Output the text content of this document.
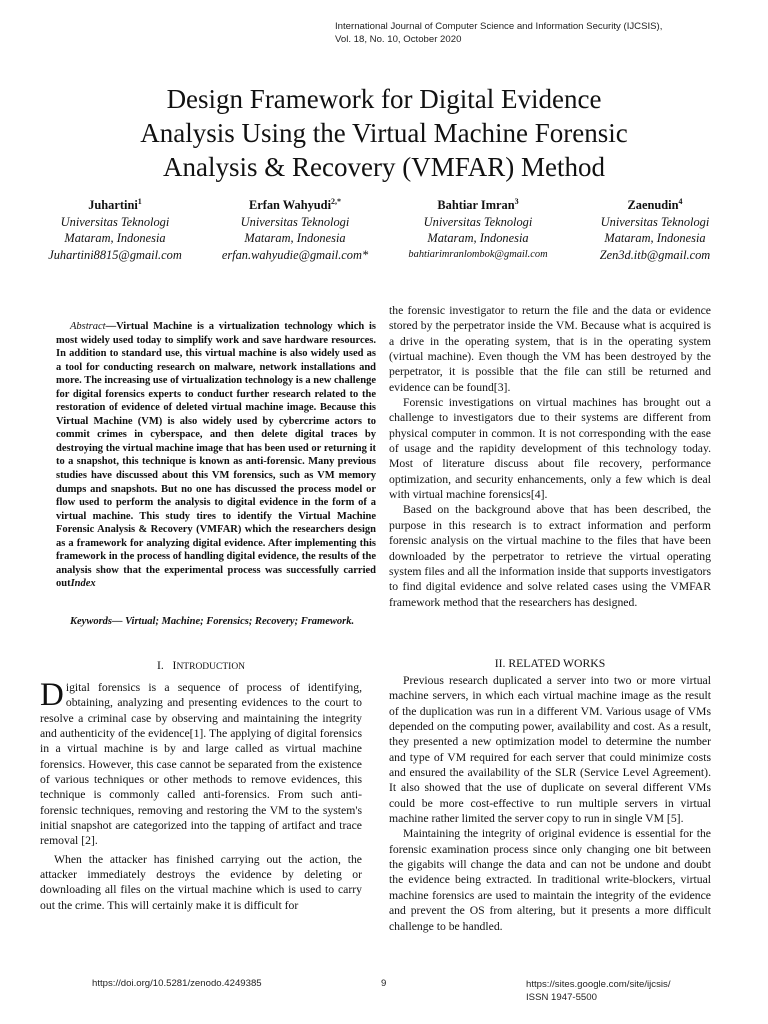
International Journal of Computer Science and Information Security (IJCSIS),
Vol. 18, No. 10, October 2020
Design Framework for Digital Evidence
Analysis Using the Virtual Machine Forensic
Analysis & Recovery (VMFAR) Method
Juhartini$^1$
Universitas Teknologi
Mataram, Indonesia
Juhartini8815@gmail.com
Erfan Wahyudi$^{2,*}$
Universitas Teknologi
Mataram, Indonesia
erfan.wahyudie@gmail.com*
Bahtiar Imran$^3$
Universitas Teknologi
Mataram, Indonesia
bahtiarimranlombok@gmail.com
Zaenudin$^4$
Universitas Teknologi
Mataram, Indonesia
Zen3d.itb@gmail.com
Abstract—Virtual Machine is a virtualization technology which is most widely used today to simplify work and save hardware resources. In addition to standard use, this virtual machine is also widely used as a tool for conducting research on malware, network installations and more. The increasing use of virtualization technology is a new challenge for digital forensics experts to conduct further research related to the restoration of evidence of deleted virtual machine image. Because this Virtual Machine (VM) is also widely used by cybercrime actors to commit crimes in cyberspace, and then delete digital traces by destroying the virtual machine image that has been used or returning it to a snapshot, this technique is known as anti-forensic. Many previous studies have discussed about this VM forensics, such as VM memory dumps and snapshots. But no one has discussed the process model or flow used to perform the analysis to digital evidence in the form of a virtual machine. This study tires to identify the Virtual Machine Forensic Analysis & Recovery (VMFAR) which the researchers design as a framework for analyzing digital evidence. After implementing this framework in the process of handling digital evidence, the results of the analysis show that the experimental process was successfully carried outIndex
Keywords— Virtual; Machine; Forensics; Recovery; Framework.
I. INTRODUCTION

Digital forensics is a sequence of process of identifying, obtaining, analyzing and presenting evidences to the court to resolve a criminal case by observing and maintaining the integrity and authenticity of the evidence[1]. The applying of digital forensics in a virtual machine is by and large called as virtual machine forensics. However, this case cannot be separated from the existence of various techniques or other methods to remove evidences, this technique is commonly called anti-forensics. From such anti-forensic techniques, removing and restoring the VM to the system's initial snapshot are categorized into the tapping of artifact and trace removal [2].

When the attacker has finished carrying out the action, the attacker immediately destroys the evidence by deleting or downloading all files on the virtual machine which is used to carry out the crime. This will certainly make it is difficult for

the forensic investigator to return the file and the data or evidence stored by the perpetrator inside the VM. Because what is acquired is a drive in the operating system, that is in the operating system (virtual machine). Even though the VM has been destroyed by the perpetrator, it is possible that the file can still be returned and evidence can be found[3].

Forensic investigations on virtual machines has brought out a challenge to investigators due to their systems are different from physical computer in common. It is not corresponding with the ease of usage and the rapidity development of this technology today. Most of literature discuss about file recovery, performance optimization, and security enhancements, only a few which is deal with virtual machine forensics[4].

Based on the background above that has been described, the purpose in this research is to extract information and perform forensic analysis on the virtual machine to the files that have been downloaded by the perpetrator to retrieve the virtual operating system files and all the information inside that supports investigators to find digital evidence and solve related cases using the VMFAR framework method that the researchers has designed.

II. RELATED WORKS

Previous research duplicated a server into two or more virtual machine servers, in which each virtual machine image as the result of the duplication was run in a different VM. Various usage of VMs depended on the computing power, availability and cost. As a result, they presented a new optimization model to determine the number and type of VM required for each server that could minimize costs and ensured the availability of the SLR (Service Level Agreement). It also showed that the use of duplicate on several different VMs could be more cost-effective to run multiple servers in virtual machine rather limited the server copy to run in single VM [5].

Maintaining the integrity of original evidence is essential for the forensic examination process since only changing one bit between the gigabits will change the data and can not be undone and doubt the evidence being extracted. In traditional write-blockers, virtual machine forensics are used to maintain the integrity of the evidence and prevent the OS from altering, but it presents a more difficult challenge to be handled.

https://doi.org/10.5281/zenodo.4249385	9	https://sites.google.com/site/ijcsis/
ISSN 1947-5500
